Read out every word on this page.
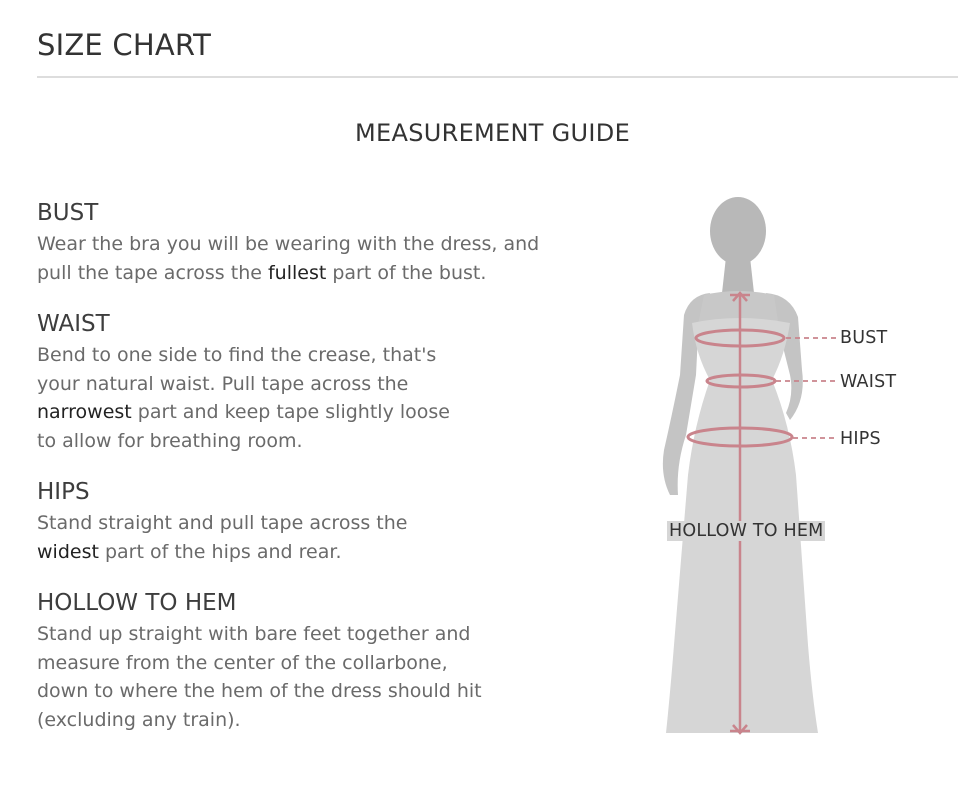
SIZE CHART
MEASUREMENT GUIDE
BUST

Wear the bra you will be wearing with the dress, and
pull the tape across the fullest part of the bust.

WAIST

Bend to one side to find the crease, that's
your natural waist. Pull tape across the
narrowest part and keep tape slightly loose
to allow for breathing room.

HIPS

Stand straight and pull tape across the
widest part of the hips and rear.

HOLLOW TO HEM

Stand up straight with bare feet together and
measure from the center of the collarbone,
down to where the hem of the dress should hit
(excluding any train).

BUST
WAIST
HIPS
HOLLOW TO HEM
